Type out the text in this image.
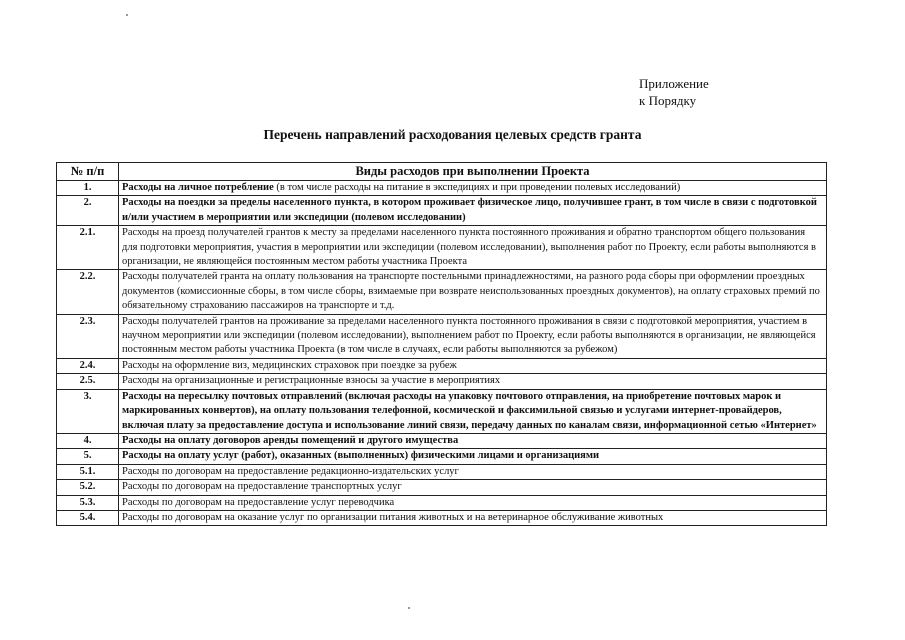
Приложение
к Порядку
Перечень направлений расходования целевых средств гранта
№ п/п	Виды расходов при выполнении Проекта
1.	Расходы на личное потребление (в том числе расходы на питание в экспедициях и при проведении полевых исследований)
2.	Расходы на поездки за пределы населенного пункта, в котором проживает физическое лицо, получившее грант, в том числе в связи с подготовкой и/или участием в мероприятии или экспедиции (полевом исследовании)
2.1.	Расходы на проезд получателей грантов к месту за пределами населенного пункта постоянного проживания и обратно транспортом общего пользования для подготовки мероприятия, участия в мероприятии или экспедиции (полевом исследовании), выполнения работ по Проекту, если работы выполняются в организации, не являющейся постоянным местом работы участника Проекта
2.2.	Расходы получателей гранта на оплату пользования на транспорте постельными принадлежностями, на разного рода сборы при оформлении проездных документов (комиссионные сборы, в том числе сборы, взимаемые при возврате неиспользованных проездных документов), на оплату страховых премий по обязательному страхованию пассажиров на транспорте и т.д.
2.3.	Расходы получателей грантов на проживание за пределами населенного пункта постоянного проживания в связи с подготовкой мероприятия, участием в научном мероприятии или экспедиции (полевом исследовании), выполнением работ по Проекту, если работы выполняются в организации, не являющейся постоянным местом работы участника Проекта (в том числе в случаях, если работы выполняются за рубежом)
2.4.	Расходы на оформление виз, медицинских страховок при поездке за рубеж
2.5.	Расходы на организационные и регистрационные взносы за участие в мероприятиях
3.	Расходы на пересылку почтовых отправлений (включая расходы на упаковку почтового отправления, на приобретение почтовых марок и маркированных конвертов), на оплату пользования телефонной, космической и факсимильной связью и услугами интернет-провайдеров, включая плату за предоставление доступа и использование линий связи, передачу данных по каналам связи, информационной сетью «Интернет»
4.	Расходы на оплату договоров аренды помещений и другого имущества
5.	Расходы на оплату услуг (работ), оказанных (выполненных) физическими лицами и организациями
5.1.	Расходы по договорам на предоставление редакционно-издательских услуг
5.2.	Расходы по договорам на предоставление транспортных услуг
5.3.	Расходы по договорам на предоставление услуг переводчика
5.4.	Расходы по договорам на оказание услуг по организации питания животных и на ветеринарное обслуживание животных
